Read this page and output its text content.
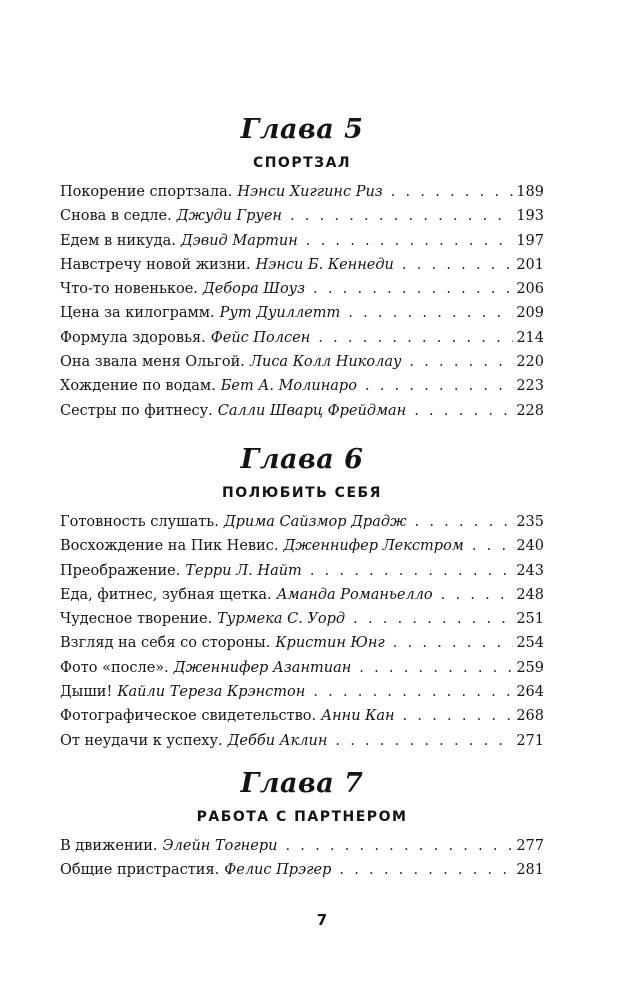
Глава 5
СПОРТЗАЛ
Покорение спортзала. Нэнси Хиггинс Риз . . .	189
Снова в седле. Джуди Груен . . .	193
Едем в никуда. Дэвид Мартин . . .	197
Навстречу новой жизни. Нэнси Б. Кеннеди . . .	201
Что-то новенькое. Дебора Шоуз . . .	206
Цена за килограмм. Рут Дуиллетт . . .	209
Формула здоровья. Фейс Полсен . . .	214
Она звала меня Ольгой. Лиса Колл Николау . . .	220
Хождение по водам. Бет А. Молинаро . . .	223
Сестры по фитнесу. Салли Шварц Фрейдман . . .	228
Глава 6
ПОЛЮБИТЬ СЕБЯ
Готовность слушать. Дрима Сайзмор Драдж . . .	235
Восхождение на Пик Невис. Дженнифер Лекстром . . .	240
Преображение. Терри Л. Найт . . .	243
Еда, фитнес, зубная щетка. Аманда Романьелло . . .	248
Чудесное творение. Турмека С. Уорд . . .	251
Взгляд на себя со стороны. Кристин Юнг . . .	254
Фото «после». Дженнифер Азантиан . . .	259
Дыши! Кайли Тереза Крэнстон . . .	264
Фотографическое свидетельство. Анни Кан . . .	268
От неудачи к успеху. Дебби Аклин . . .	271
Глава 7
РАБОТА С ПАРТНЕРОМ
В движении. Элейн Тогнери . . .	277
Общие пристрастия. Фелис Прэгер . . .	281
7
